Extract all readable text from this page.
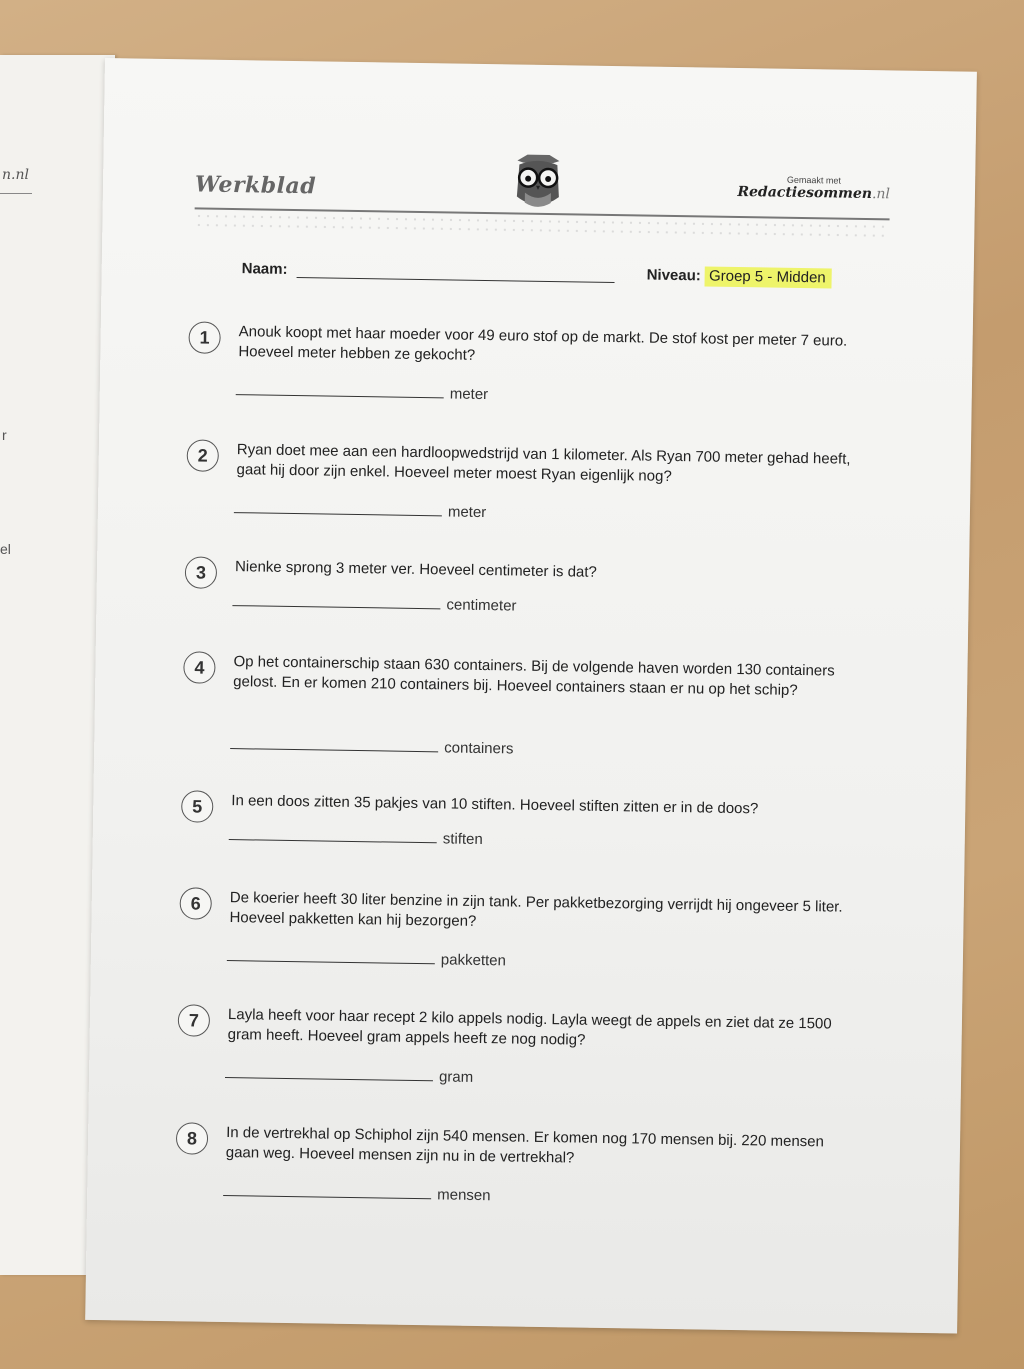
n.nl
r
el
Werkblad	Gemaakt met
Redactiesommen.nl
Naam:	Niveau: Groep 5 - Midden
1	Anouk koopt met haar moeder voor 49 euro stof op de markt. De stof kost per meter 7 euro. Hoeveel meter hebben ze gekocht?
meter
2	Ryan doet mee aan een hardloopwedstrijd van 1 kilometer. Als Ryan 700 meter gehad heeft, gaat hij door zijn enkel. Hoeveel meter moest Ryan eigenlijk nog?
meter
3	Nienke sprong 3 meter ver. Hoeveel centimeter is dat?
centimeter
4	Op het containerschip staan 630 containers. Bij de volgende haven worden 130 containers gelost. En er komen 210 containers bij. Hoeveel containers staan er nu op het schip?
containers
5	In een doos zitten 35 pakjes van 10 stiften. Hoeveel stiften zitten er in de doos?
stiften
6	De koerier heeft 30 liter benzine in zijn tank. Per pakketbezorging verrijdt hij ongeveer 5 liter. Hoeveel pakketten kan hij bezorgen?
pakketten
7	Layla heeft voor haar recept 2 kilo appels nodig. Layla weegt de appels en ziet dat ze 1500 gram heeft. Hoeveel gram appels heeft ze nog nodig?
gram
8	In de vertrekhal op Schiphol zijn 540 mensen. Er komen nog 170 mensen bij. 220 mensen gaan weg. Hoeveel mensen zijn nu in de vertrekhal?
mensen
